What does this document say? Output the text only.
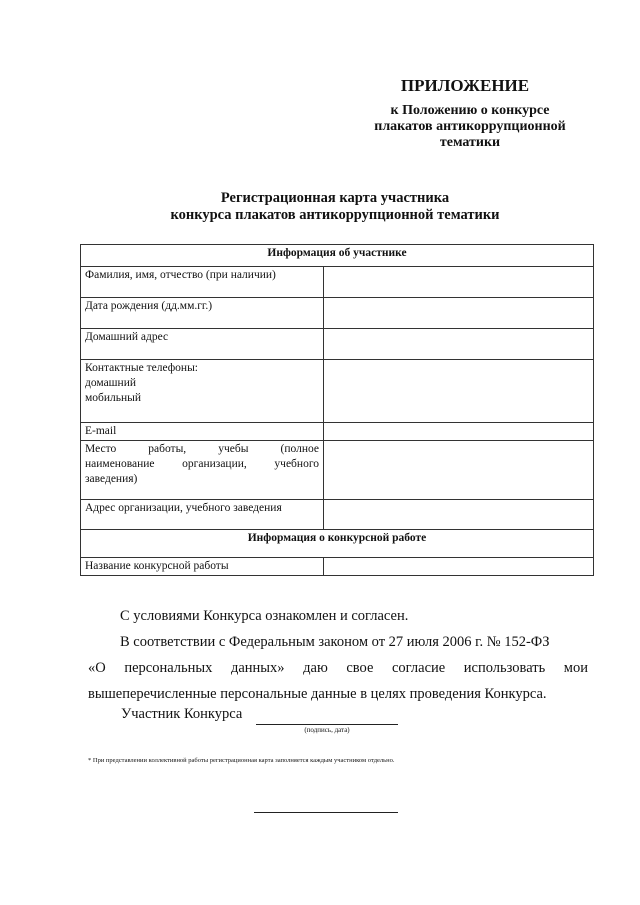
ПРИЛОЖЕНИЕ
к Положению о конкурсе
плакатов антикоррупционной
тематики
Регистрационная карта участника
конкурса плакатов антикоррупционной тематики
Информация об участнике	
Фамилия, имя, отчество (при наличии)	
Дата рождения (дд.мм.гг.)	
Домашний адрес	

Контактные телефоны:
домашний
мобильный	

E-mail	

Место работы, учебы (полное
наименование организации, учебного
заведения)	

Адрес организации, учебного заведения	
Информация о конкурсной работе	
Название конкурсной работы	

С условиями Конкурса ознакомлен и согласен.

В соответствии с Федеральным законом от 27 июля 2006 г. № 152-ФЗ

«О персональных данных» даю свое согласие использовать мои

вышеперечисленные персональные данные в целях проведения Конкурса.

Участник Конкурса
(подпись, дата)
* При представлении коллективной работы регистрационная карта заполняется каждым участником отдельно.
